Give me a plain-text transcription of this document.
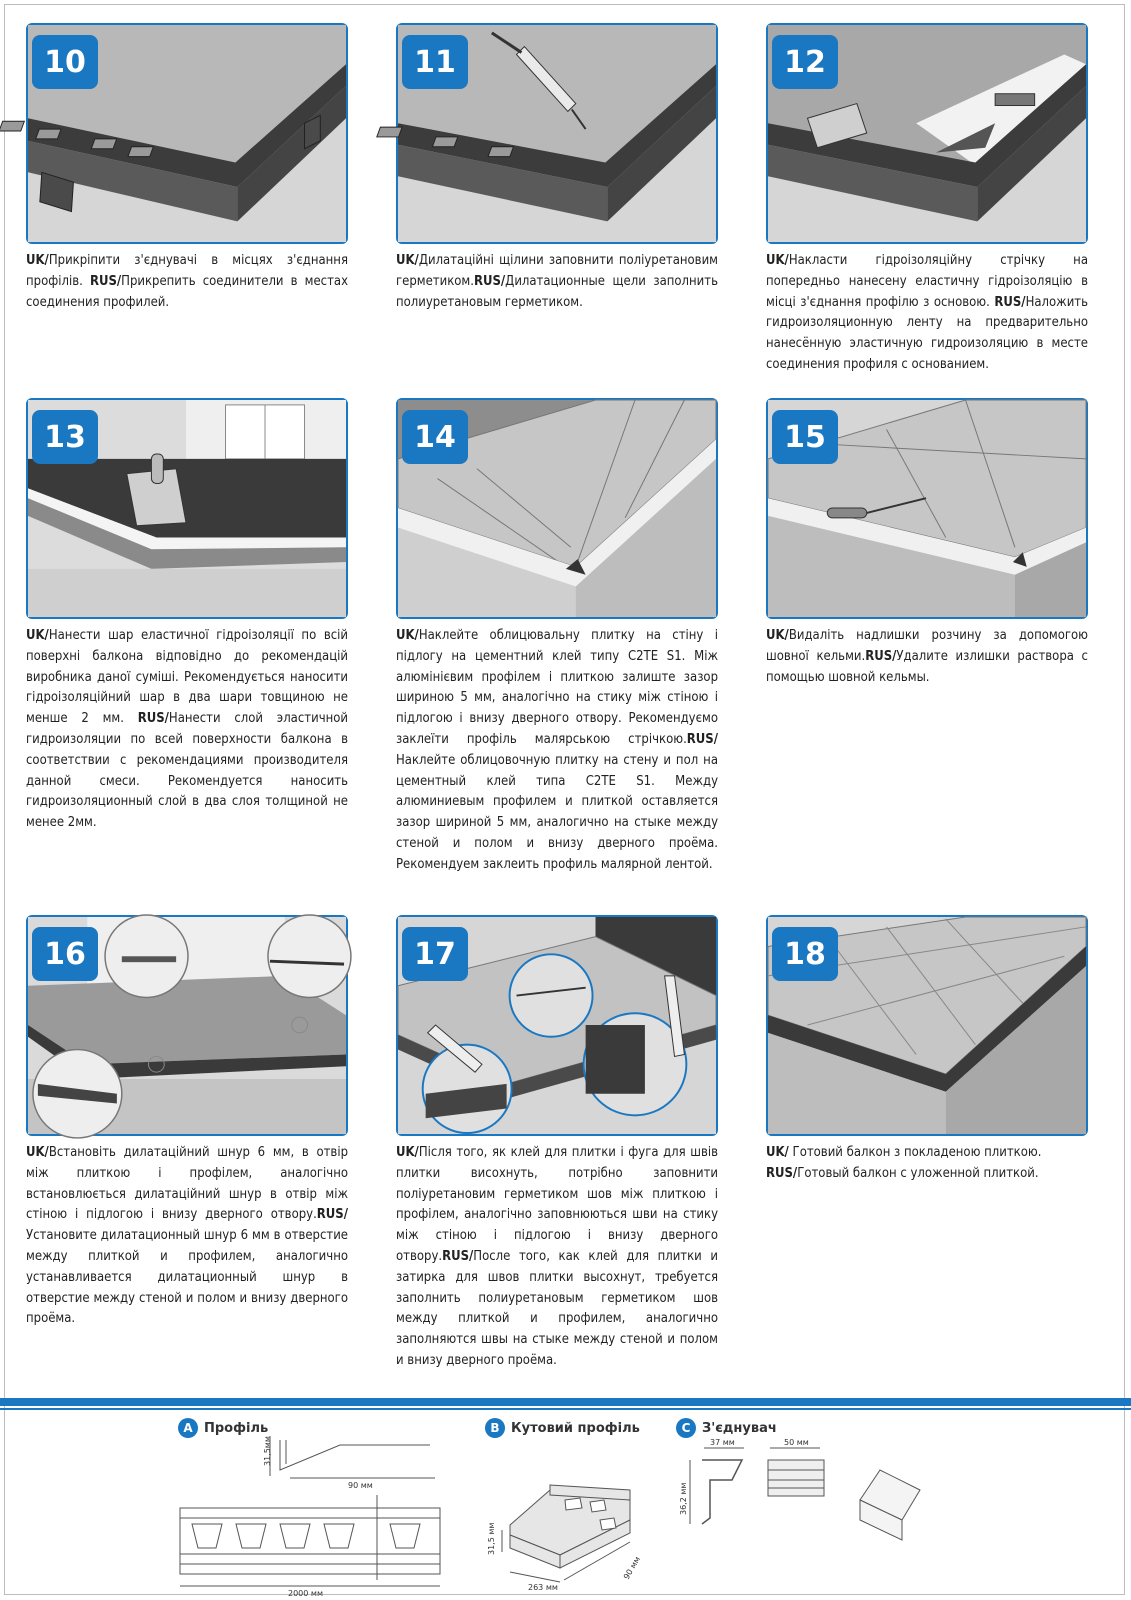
10
UK/Прикріпити з'єднувачі в місцях з'єднання профілів. RUS/Прикрепить соединители в местах соединения профилей.
11
UK/Дилатаційні щілини заповнити поліуретановим герметиком.RUS/Дилатационные щели заполнить полиуретановым герметиком.
12
UK/Накласти гідроізоляційну стрічку на попередньо нанесену еластичну гідроізоляцію в місці з'єднання профілю з основою. RUS/Наложить гидроизоляционную ленту на предварительно нанесённую эластичную гидроизоляцию в месте соединения профиля с основанием.
13
UK/Нанести шар еластичної гідроізоляції по всій поверхні балкона відповідно до рекомендацій виробника даної суміші. Рекомендується наносити гідроізоляційний шар в два шари товщиною не менше 2 мм. RUS/Нанести слой эластичной гидроизоляции по всей поверхности балкона в соответствии с рекомендациями производителя данной смеси. Рекомендуется наносить гидроизоляционный слой в два слоя толщиной не менее 2мм.
14
UK/Наклейте облицювальну плитку на стіну і підлогу на цементний клей типу C2TE S1. Між алюмінієвим профілем і плиткою залиште зазор шириною 5 мм, аналогічно на стику між стіною і підлогою і внизу дверного отвору. Рекомендуємо заклеїти профіль малярською стрічкою.RUS/Наклейте облицовочную плитку на стену и пол на цементный клей типа C2TE S1. Между алюминиевым профилем и плиткой оставляется зазор шириной 5 мм, аналогично на стыке между стеной и полом и внизу дверного проёма. Рекомендуем заклеить профиль малярной лентой.
15
UK/Видаліть надлишки розчину за допомогою шовної кельми.RUS/Удалите излишки раствора с помощью шовной кельмы.
16
UK/Встановіть дилатаційний шнур 6 мм, в отвір між плиткою і профілем, аналогічно встановлюється дилатаційний шнур в отвір між стіною і підлогою і внизу дверного отвору.RUS/Установите дилатационный шнур 6 мм в отверстие между плиткой и профилем, аналогично устанавливается дилатационный шнур в отверстие между стеной и полом и внизу дверного проёма.
17
UK/Після того, як клей для плитки і фуга для швів плитки висохнуть, потрібно заповнити поліуретановим герметиком шов між плиткою і профілем, аналогічно заповнюються шви на стику між стіною і підлогою і внизу дверного отвору.RUS/После того, как клей для плитки и затирка для швов плитки высохнут, требуется заполнить полиуретановым герметиком шов между плиткой и профилем, аналогично заполняются швы на стыке между стеной и полом и внизу дверного проёма.
18
UK/ Готовий балкон з покладеною плиткою.
RUS/Готовый балкон с уложенной плиткой.
A Профіль
31,5мм
90 мм
2000 мм
B Кутовий профіль
31,5 мм
263 мм
90 мм
C З'єднувач
37 мм
36,2 мм
50 мм
